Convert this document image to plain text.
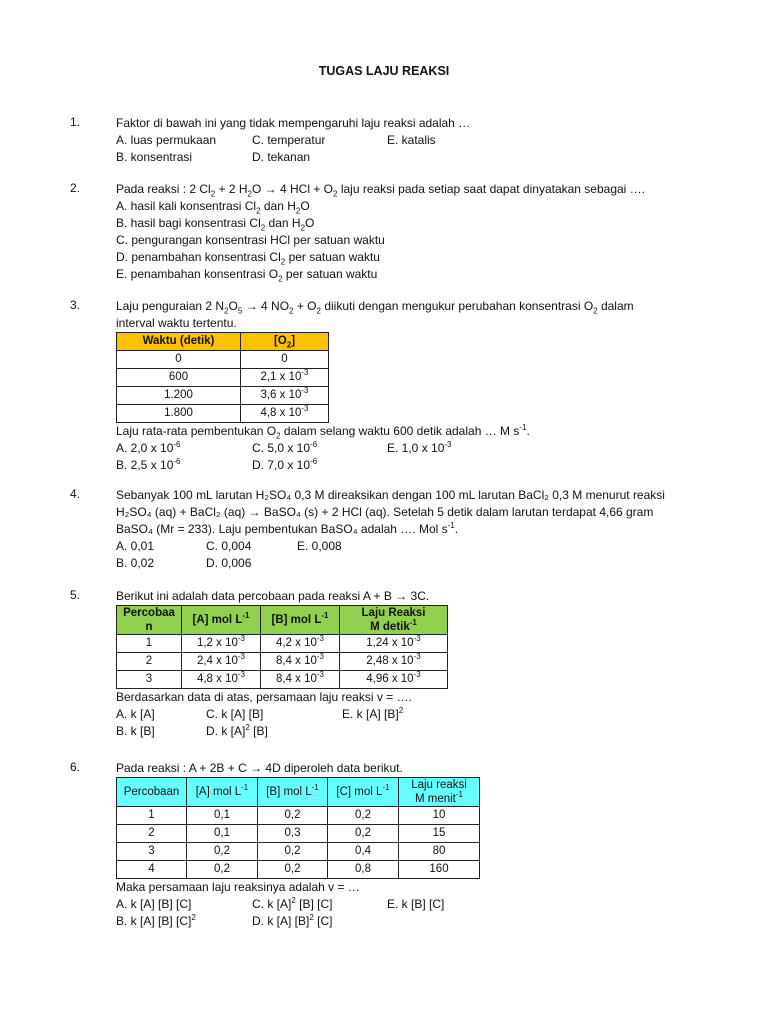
TUGAS LAJU REAKSI
1.	Faktor di bawah ini yang tidak mempengaruhi laju reaksi adalah …
A. luas permukaan	C. temperatur	E. katalis
B. konsentrasi	D. tekanan
2.	Pada reaksi : 2 $Cl_2 + 2$ $H_2O \to 4$ HCl + $O_2$ laju reaksi pada setiap saat dapat dinyatakan sebagai ….
A. hasil kali konsentrasi $Cl_2$ dan $H_2O$
B. hasil bagi konsentrasi $Cl_2$ dan $H_2O$
C. pengurangan konsentrasi HCl per satuan waktu
D. penambahan konsentrasi $Cl_2$ per satuan waktu
E. penambahan konsentrasi $O_2$ per satuan waktu
3.	Laju penguraian 2 $N_2O_5 \to 4$ $NO_2 + O_2$ diikuti dengan mengukur perubahan konsentrasi $O_2$ dalam
interval waktu tertentu.
Waktu (detik)	$[O_2]$
0	0
600	2,1 x $10^{-3}$
1.200	3,6 x $10^{-3}$
1.800	4,8 x $10^{-3}$
Laju rata-rata pembentukan $O_2$ dalam selang waktu 600 detik adalah … M $s^{-1}$.
A. 2,0 x $10^{-6}$	C. 5,0 x $10^{-6}$	E. 1,0 x $10^{-3}$
B. 2,5 x $10^{-6}$	D. 7,0 x $10^{-6}$
4.	Sebanyak 100 mL larutan H₂SO₄ 0,3 M direaksikan dengan 100 mL larutan BaCl₂ 0,3 M menurut reaksi
H₂SO₄ (aq) + BaCl₂ (aq) → BaSO₄ (s) + 2 HCl (aq). Setelah 5 detik dalam larutan terdapat 4,66 gram
BaSO₄ (Mr = 233). Laju pembentukan BaSO₄ adalah …. Mol $s^{-1}$.
A. 0,01	C. 0,004	E. 0,008
B. 0,02	D. 0,006
5.	Berikut ini adalah data percobaan pada reaksi A + B → 3C.
Percobaa
n	[A] mol $L^{-1}$	[B] mol $L^{-1}$	Laju Reaksi
M detik$^{-1}$
1	1,2 x $10^{-3}$	4,2 x $10^{-3}$	1,24 x $10^{-3}$
2	2,4 x $10^{-3}$	8,4 x $10^{-3}$	2,48 x $10^{-3}$
3	4,8 x $10^{-3}$	8,4 x $10^{-3}$	4,96 x $10^{-3}$
Berdasarkan data di atas, persamaan laju reaksi v = ….
A. k [A]	C. k [A] [B]	E. k [A] $[B]^2$
B. k [B]	D. k $[A]^2$ [B]
6.	Pada reaksi : A + 2B + C → 4D diperoleh data berikut.
Percobaan	[A] mol $L^{-1}$	[B] mol $L^{-1}$	[C] mol $L^{-1}$	Laju reaksi
M menit$^{-1}$
1	0,1	0,2	0,2	10
2	0,1	0,3	0,2	15
3	0,2	0,2	0,4	80
4	0,2	0,2	0,8	160
Maka persamaan laju reaksinya adalah v = …
A. k [A] [B] [C]	C. k $[A]^2$ [B] [C]	E. k [B] [C]
B. k [A] [B] $[C]^2$	D. k [A] $[B]^2$ [C]
